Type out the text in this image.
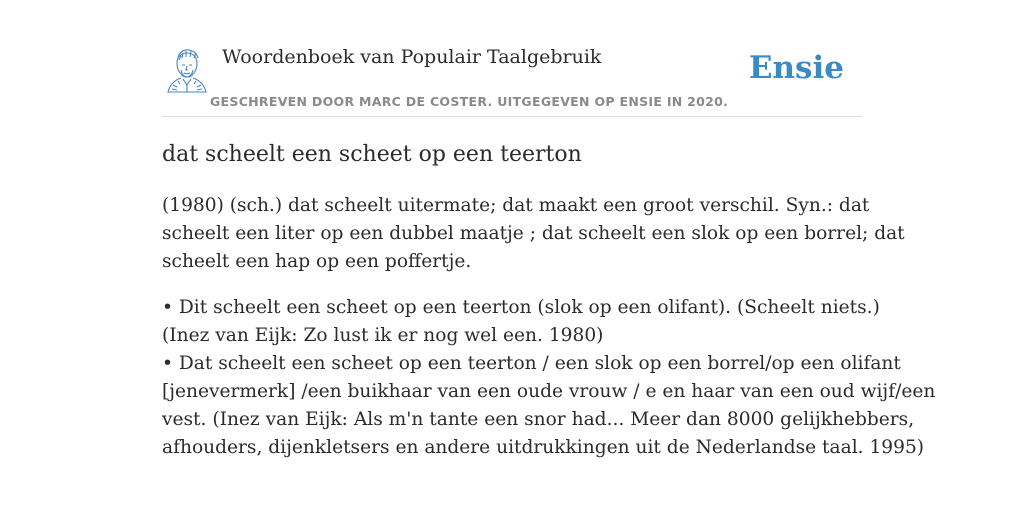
Woordenboek van Populair Taalgebruik
GESCHREVEN DOOR MARC DE COSTER. UITGEGEVEN OP ENSIE IN 2020.
Ensie
dat scheelt een scheet op een teerton
(1980) (sch.) dat scheelt uitermate; dat maakt een groot verschil. Syn.: dat
scheelt een liter op een dubbel maatje ; dat scheelt een slok op een borrel; dat
scheelt een hap op een poffertje.
• Dit scheelt een scheet op een teerton (slok op een olifant). (Scheelt niets.)
(Inez van Eijk: Zo lust ik er nog wel een. 1980)
• Dat scheelt een scheet op een teerton / een slok op een borrel/op een olifant
[jenevermerk] /een buikhaar van een oude vrouw / e en haar van een oud wijf/een
vest. (Inez van Eijk: Als m'n tante een snor had... Meer dan 8000 gelijkhebbers,
afhouders, dijenkletsers en andere uitdrukkingen uit de Nederlandse taal. 1995)
